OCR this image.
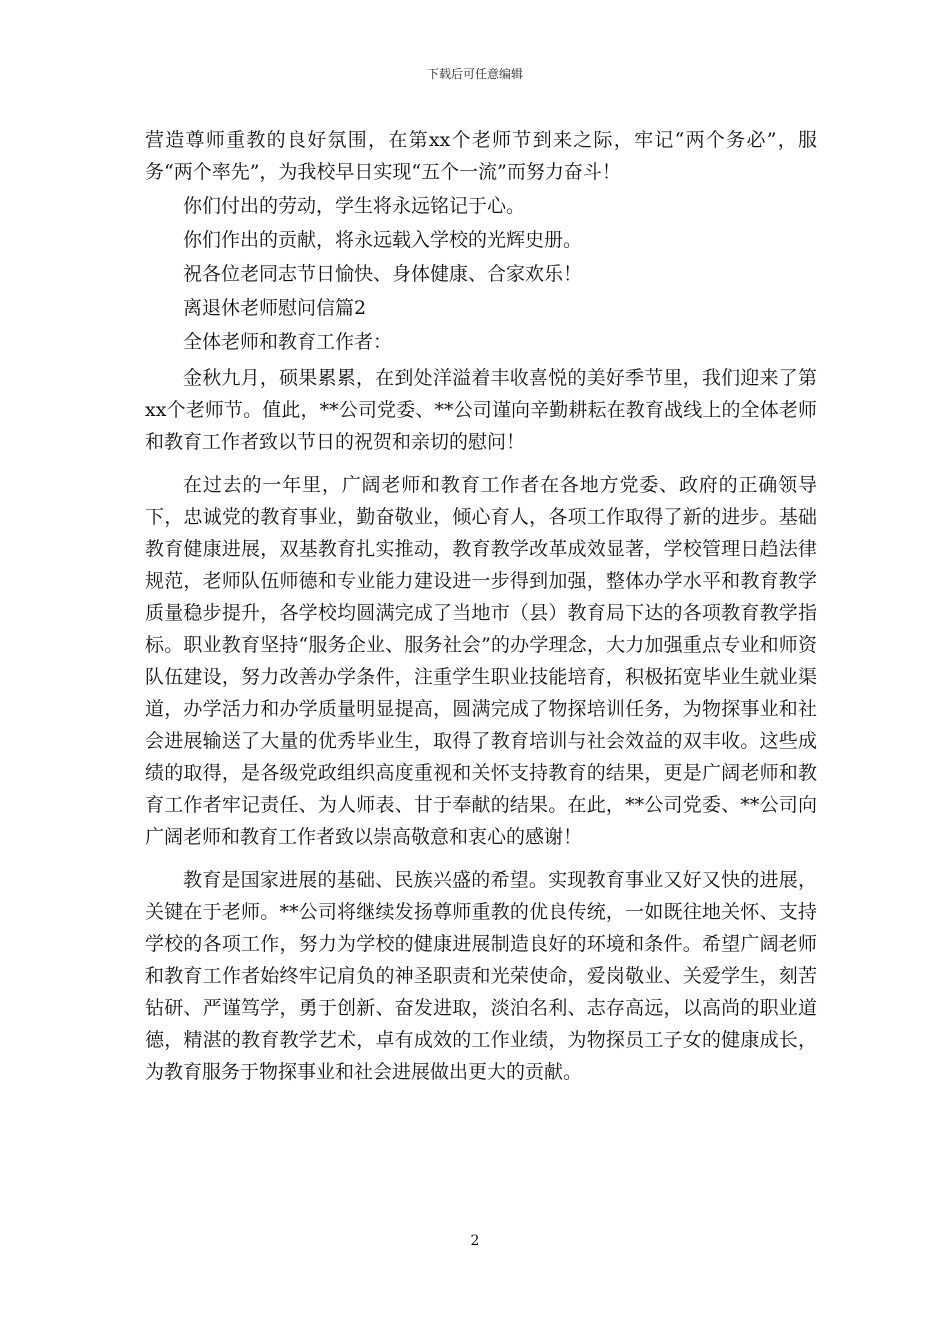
下载后可任意编辑

营造尊师重教的良好氛围，在第xx个老师节到来之际，牢记“两个务必”，服务“两个率先”，为我校早日实现“五个一流”而努力奋斗！

你们付出的劳动，学生将永远铭记于心。

你们作出的贡献，将永远载入学校的光辉史册。

祝各位老同志节日愉快、身体健康、合家欢乐！

离退休老师慰问信篇2

全体老师和教育工作者：

金秋九月，硕果累累，在到处洋溢着丰收喜悦的美好季节里，我们迎来了第xx个老师节。值此，**公司党委、**公司谨向辛勤耕耘在教育战线上的全体老师和教育工作者致以节日的祝贺和亲切的慰问！

在过去的一年里，广阔老师和教育工作者在各地方党委、政府的正确领导下，忠诚党的教育事业，勤奋敬业，倾心育人，各项工作取得了新的进步。基础教育健康进展，双基教育扎实推动，教育教学改革成效显著，学校管理日趋法律规范，老师队伍师德和专业能力建设进一步得到加强，整体办学水平和教育教学质量稳步提升，各学校均圆满完成了当地市（县）教育局下达的各项教育教学指标。职业教育坚持“服务企业、服务社会”的办学理念，大力加强重点专业和师资队伍建设，努力改善办学条件，注重学生职业技能培育，积极拓宽毕业生就业渠道，办学活力和办学质量明显提高，圆满完成了物探培训任务，为物探事业和社会进展输送了大量的优秀毕业生，取得了教育培训与社会效益的双丰收。这些成绩的取得，是各级党政组织高度重视和关怀支持教育的结果，更是广阔老师和教育工作者牢记责任、为人师表、甘于奉献的结果。在此，**公司党委、**公司向广阔老师和教育工作者致以崇高敬意和衷心的感谢！

教育是国家进展的基础、民族兴盛的希望。实现教育事业又好又快的进展，关键在于老师。**公司将继续发扬尊师重教的优良传统，一如既往地关怀、支持学校的各项工作，努力为学校的健康进展制造良好的环境和条件。希望广阔老师和教育工作者始终牢记肩负的神圣职责和光荣使命，爱岗敬业、关爱学生，刻苦钻研、严谨笃学，勇于创新、奋发进取，淡泊名利、志存高远，以高尚的职业道德，精湛的教育教学艺术，卓有成效的工作业绩，为物探员工子女的健康成长，为教育服务于物探事业和社会进展做出更大的贡献。

2
